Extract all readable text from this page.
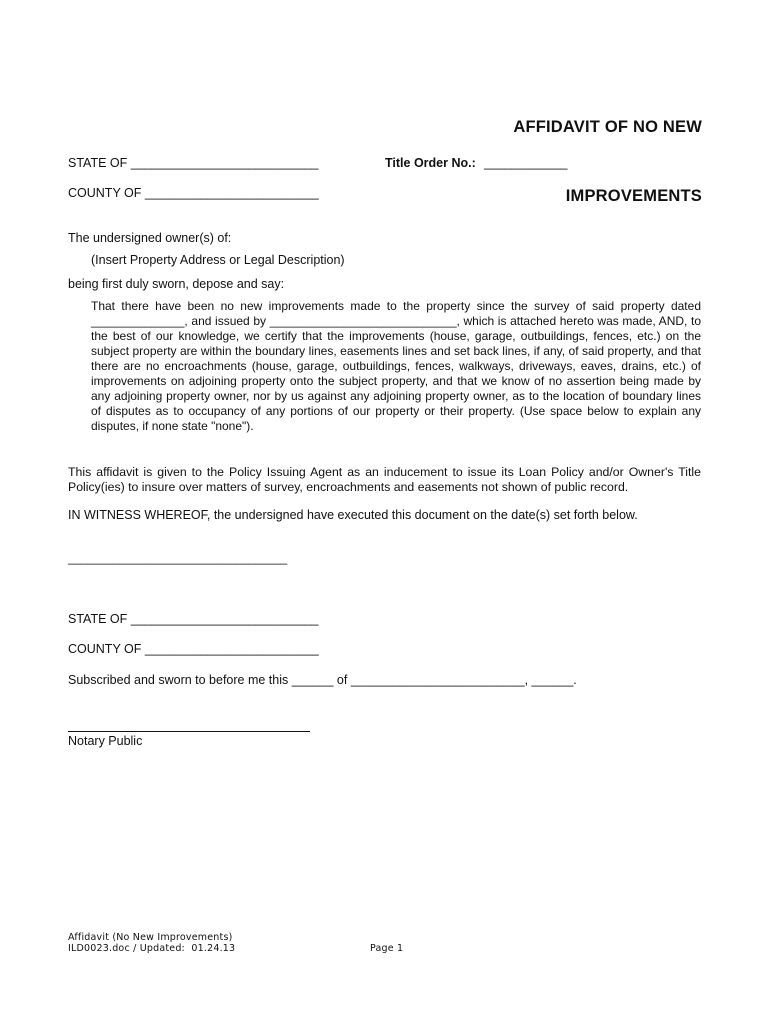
AFFIDAVIT OF NO NEW

IMPROVEMENTS

STATE OF ___________________________	Title Order No.: ____________
COUNTY OF _________________________
The undersigned owner(s) of:
(Insert Property Address or Legal Description)
being first duly sworn, depose and say:
That there have been no new improvements made to the property since the survey of said property dated ______________, and issued by ____________________________, which is attached hereto was made, AND, to the best of our knowledge, we certify that the improvements (house, garage, outbuildings, fences, etc.) on the subject property are within the boundary lines, easements lines and set back lines, if any, of said property, and that there are no encroachments (house, garage, outbuildings, fences, walkways, driveways, eaves, drains, etc.) of improvements on adjoining property onto the subject property, and that we know of no assertion being made by any adjoining property owner, nor by us against any adjoining property owner, as to the location of boundary lines of disputes as to occupancy of any portions of our property or their property. (Use space below to explain any disputes, if none state "none").
This affidavit is given to the Policy Issuing Agent as an inducement to issue its Loan Policy and/or Owner's Title Policy(ies) to insure over matters of survey, encroachments and easements not shown of public record.
IN WITNESS WHEREOF, the undersigned have executed this document on the date(s) set forth below.
__________________________________
STATE OF ___________________________
COUNTY OF _________________________
Subscribed and sworn to before me this ______ of _________________________, ______.
Notary Public
Affidavit (No New Improvements)
ILD0023.doc / Updated:  01.24.13	Page 1
